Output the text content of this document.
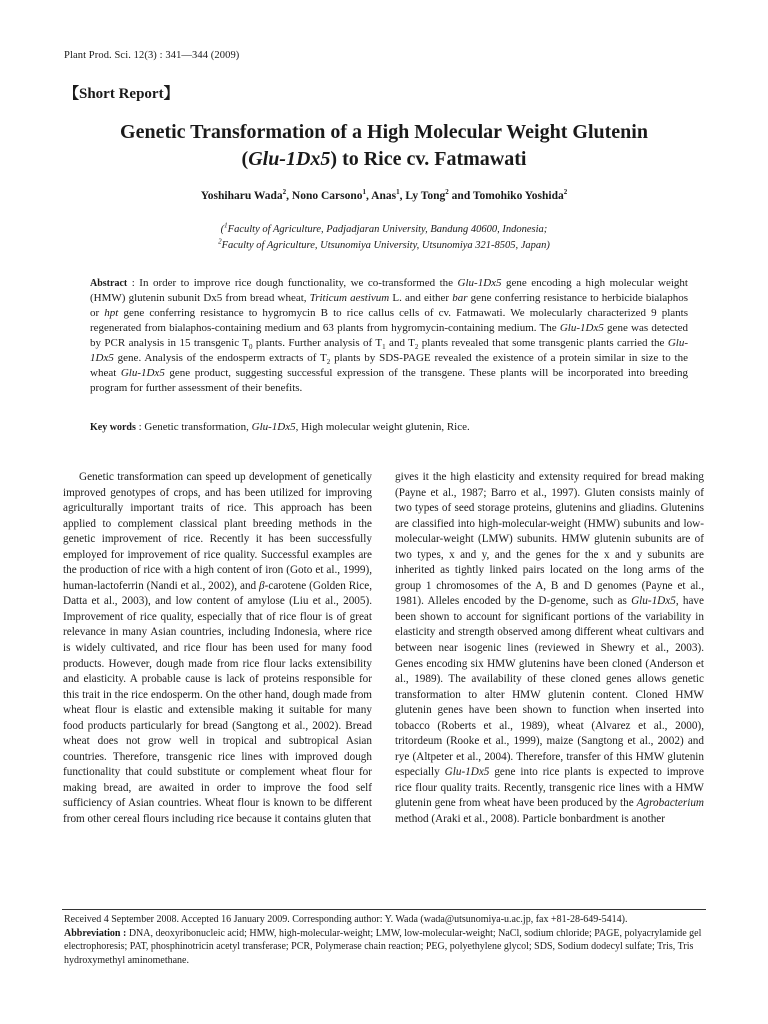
Plant Prod. Sci. 12(3) : 341—344 (2009)
【Short Report】
Genetic Transformation of a High Molecular Weight Glutenin
(Glu-1Dx5) to Rice cv. Fatmawati
Yoshiharu Wada$^2$, Nono Carsono$^1$, Anas$^1$, Ly Tong$^2$ and Tomohiko Yoshida$^2$
($^1$Faculty of Agriculture, Padjadjaran University, Bandung 40600, Indonesia;
$^2$Faculty of Agriculture, Utsunomiya University, Utsunomiya 321-8505, Japan)
Abstract : In order to improve rice dough functionality, we co-transformed the Glu-1Dx5 gene encoding a high molecular weight (HMW) glutenin subunit Dx5 from bread wheat, Triticum aestivum L. and either bar gene conferring resistance to herbicide bialaphos or hpt gene conferring resistance to hygromycin B to rice callus cells of cv. Fatmawati. We molecularly characterized 9 plants regenerated from bialaphos-containing medium and 63 plants from hygromycin-containing medium. The Glu-1Dx5 gene was detected by PCR analysis in 15 transgenic $T_0$ plants. Further analysis of $T_1$ and $T_2$ plants revealed that some transgenic plants carried the Glu-1Dx5 gene. Analysis of the endosperm extracts of $T_2$ plants by SDS-PAGE revealed the existence of a protein similar in size to the wheat Glu-1Dx5 gene product, suggesting successful expression of the transgene. These plants will be incorporated into breeding program for further assessment of their benefits.
Key words : Genetic transformation, Glu-1Dx5, High molecular weight glutenin, Rice.

Genetic transformation can speed up development of genetically improved genotypes of crops, and has been utilized for improving agriculturally important traits of rice. This approach has been applied to complement classical plant breeding methods in the genetic improvement of rice. Recently it has been successfully employed for improvement of rice quality. Successful examples are the production of rice with a high content of iron (Goto et al., 1999), human-lactoferrin (Nandi et al., 2002), and β-carotene (Golden Rice, Datta et al., 2003), and low content of amylose (Liu et al., 2005). Improvement of rice quality, especially that of rice flour is of great relevance in many Asian countries, including Indonesia, where rice is widely cultivated, and rice flour has been used for many food products. However, dough made from rice flour lacks extensibility and elasticity. A probable cause is lack of proteins responsible for this trait in the rice endosperm. On the other hand, dough made from wheat flour is elastic and extensible making it suitable for many food products particularly for bread (Sangtong et al., 2002). Bread wheat does not grow well in tropical and subtropical Asian countries. Therefore, transgenic rice lines with improved dough functionality that could substitute or complement wheat flour for making bread, are awaited in order to improve the food self sufficiency of Asian countries. Wheat flour is known to be different from other cereal flours including rice because it contains gluten that

gives it the high elasticity and extensity required for bread making (Payne et al., 1987; Barro et al., 1997). Gluten consists mainly of two types of seed storage proteins, glutenins and gliadins. Glutenins are classified into high-molecular-weight (HMW) subunits and low-molecular-weight (LMW) subunits. HMW glutenin subunits are of two types, x and y, and the genes for the x and y subunits are inherited as tightly linked pairs located on the long arms of the group 1 chromosomes of the A, B and D genomes (Payne et al., 1981). Alleles encoded by the D-genome, such as Glu-1Dx5, have been shown to account for significant portions of the variability in elasticity and strength observed among different wheat cultivars and between near isogenic lines (reviewed in Shewry et al., 2003). Genes encoding six HMW glutenins have been cloned (Anderson et al., 1989). The availability of these cloned genes allows genetic transformation to alter HMW glutenin content. Cloned HMW glutenin genes have been shown to function when inserted into tobacco (Roberts et al., 1989), wheat (Alvarez et al., 2000), tritordeum (Rooke et al., 1999), maize (Sangtong et al., 2002) and rye (Altpeter et al., 2004). Therefore, transfer of this HMW glutenin especially Glu-1Dx5 gene into rice plants is expected to improve rice flour quality traits. Recently, transgenic rice lines with a HMW glutenin gene from wheat have been produced by the Agrobacterium method (Araki et al., 2008). Particle bonbardment is another

Received 4 September 2008. Accepted 16 January 2009. Corresponding author: Y. Wada (wada@utsunomiya-u.ac.jp, fax +81-28-649-5414).

Abbreviation : DNA, deoxyribonucleic acid; HMW, high-molecular-weight; LMW, low-molecular-weight; NaCl, sodium chloride; PAGE, polyacrylamide gel electrophoresis; PAT, phosphinotricin acetyl transferase; PCR, Polymerase chain reaction; PEG, polyethylene glycol; SDS, Sodium dodecyl sulfate; Tris, Tris hydroxymethyl aminomethane.
